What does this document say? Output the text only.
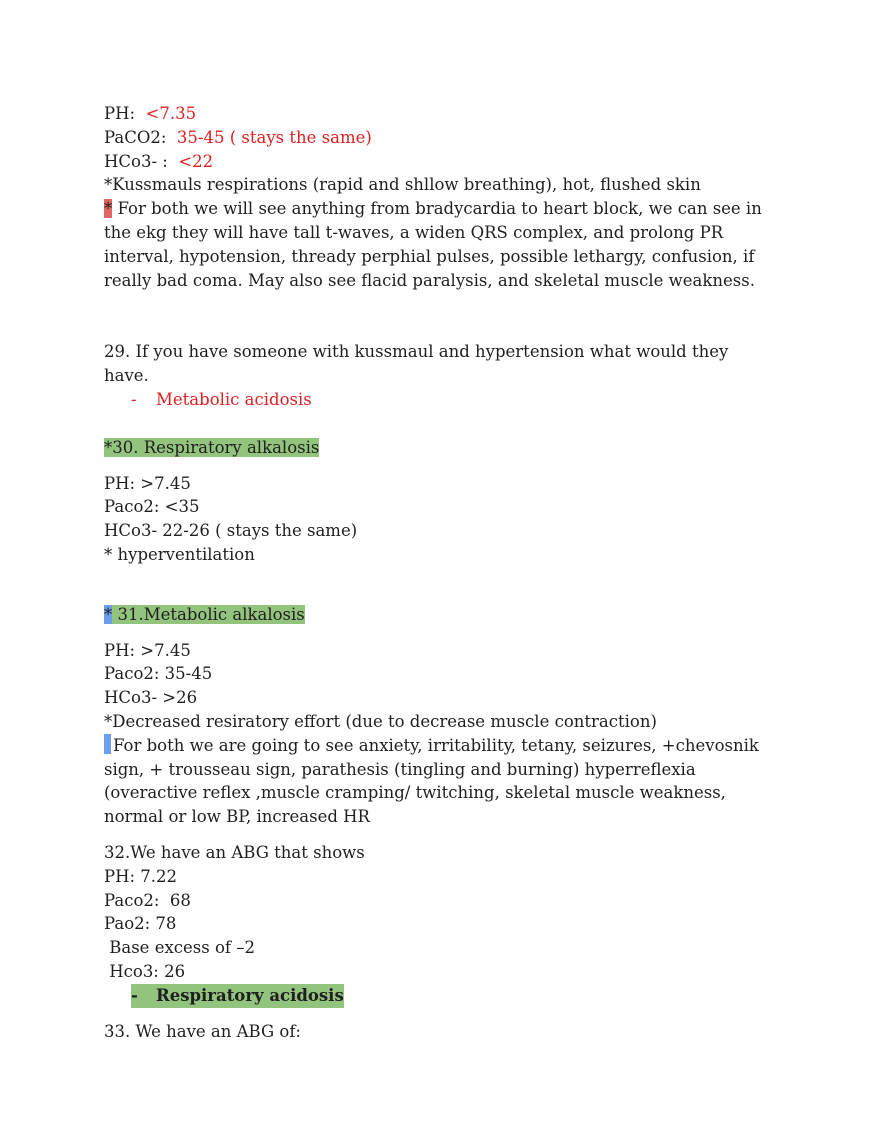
PH:  <7.35
PaCO2:  35-45 ( stays the same)
HCo3- :  <22
*Kussmauls respirations (rapid and shllow breathing), hot, flushed skin
* For both we will see anything from bradycardia to heart block, we can see in the ekg they will have tall t-waves, a widen QRS complex, and prolong PR interval, hypotension, thready perphial pulses, possible lethargy, confusion, if really bad coma. May also see flacid paralysis, and skeletal muscle weakness.
29. If you have someone with kussmaul and hypertension what would they have.
-	Metabolic acidosis
*30. Respiratory alkalosis
PH: >7.45
Paco2: <35
HCo3- 22-26 ( stays the same)
* hyperventilation
* 31.Metabolic alkalosis
PH: >7.45
Paco2: 35-45
HCo3- >26
*Decreased resiratory effort (due to decrease muscle contraction)
For both we are going to see anxiety, irritability, tetany, seizures, +chevosnik sign, + trousseau sign, parathesis (tingling and burning) hyperreflexia (overactive reflex ,muscle cramping/ twitching, skeletal muscle weakness, normal or low BP, increased HR
32.We have an ABG that shows
PH: 7.22
Paco2:  68
Pao2: 78
Base excess of –2
Hco3: 26
-	Respiratory acidosis
33. We have an ABG of:
